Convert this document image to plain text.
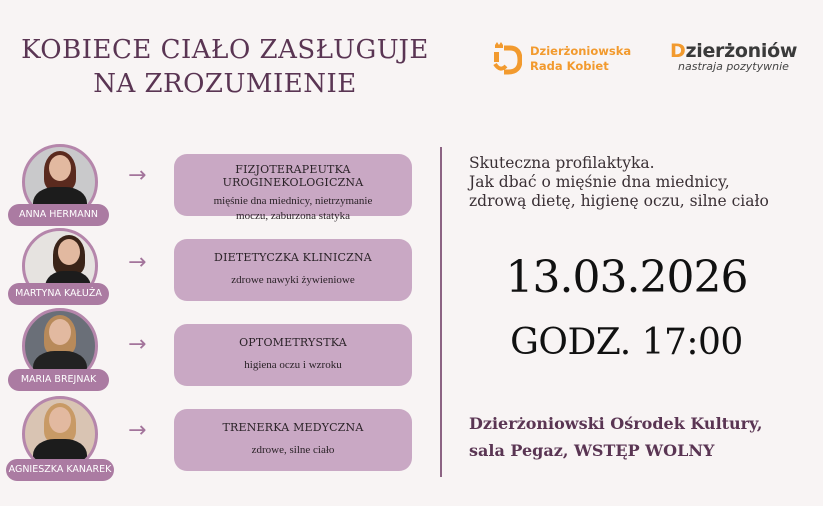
KOBIECE CIAŁO ZASŁUGUJE
NA ZROZUMIENIE
Dzierżoniowska
Rada Kobiet
Dzierżoniów
nastraja pozytywnie
ANNA HERMANN
→	FIZJOTERAPEUTKA UROGINEKOLOGICZNA
mięśnie dna miednicy, nietrzymanie
moczu, zaburzona statyka
MARTYNA KAŁUŻA
→	DIETETYCZKA KLINICZNA
zdrowe nawyki żywieniowe
MARIA BREJNAK
→	OPTOMETRYSTKA
higiena oczu i wzroku
AGNIESZKA KANAREK
→	TRENERKA MEDYCZNA
zdrowe, silne ciało
Skuteczna profilaktyka.
Jak dbać o mięśnie dna miednicy,
zdrową dietę, higienę oczu, silne ciało
13.03.2026
GODZ. 17:00
Dzierżoniowski Ośrodek Kultury,
sala Pegaz, WSTĘP WOLNY
